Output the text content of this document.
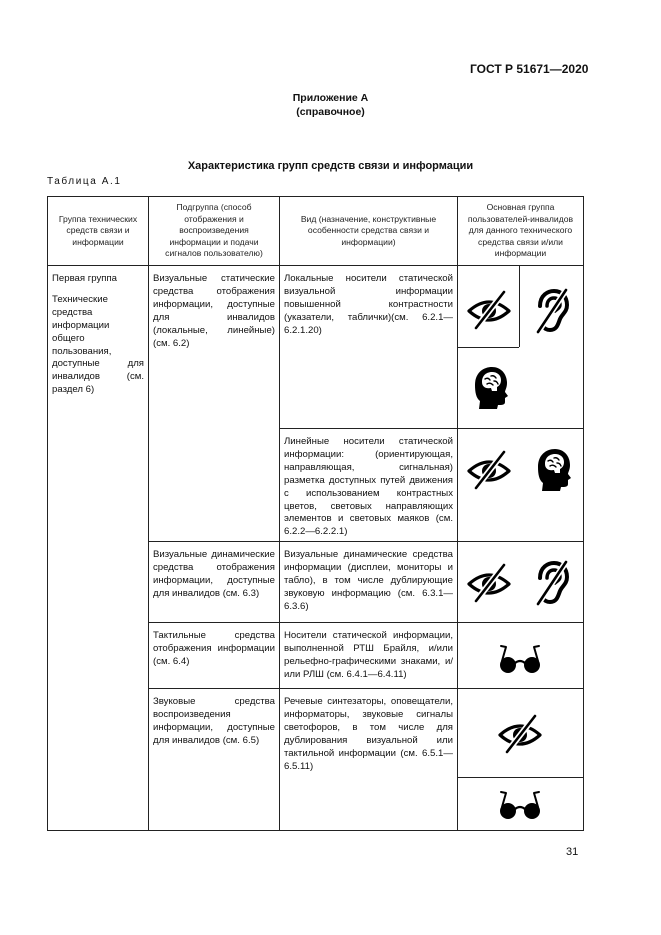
ГОСТ Р 51671—2020
Приложение А
(справочное)
Характеристика групп средств связи и информации
Таблица А.1
Группа технических средств связи и информации
Подгруппа (способ отображения и воспроизведения информации и подачи сигналов пользователю)
Вид (назначение, конструктивные особенности средства связи и информации)
Основная группа пользователей-инвалидов для данного технического средства связи и/или информации

Первая группа

Технические средства информации общего пользования, доступные для инвалидов (см. раздел 6)

Визуальные статические средства отображения информации, доступные для инвалидов (локальные, линейные) (см. 6.2)
Визуальные динамические средства отображения информации, доступные для инвалидов (см. 6.3)
Тактильные средства отображения информации (см. 6.4)
Звуковые средства воспроизведения информации, доступные для инвалидов (см. 6.5)
Локальные носители статической визуальной информации повышенной контрастности (указатели, таблички)(см. 6.2.1—6.2.1.20)
Линейные носители статической информации: (ориентирующая, направляющая, сигнальная) разметка доступных путей движения с использованием контрастных цветов, световых направляющих элементов и световых маяков (см. 6.2.2—6.2.2.1)
Визуальные динамические средства информации (дисплеи, мониторы и табло), в том числе дублирующие звуковую информацию (см. 6.3.1—6.3.6)
Носители статической информации, выполненной РТШ Брайля, и/или рельефно-графическими знаками, и/или РЛШ (см. 6.4.1—6.4.11)
Речевые синтезаторы, оповещатели, информаторы, звуковые сигналы светофоров, в том числе для дублирования визуальной или тактильной информации (см. 6.5.1—6.5.11)
31
